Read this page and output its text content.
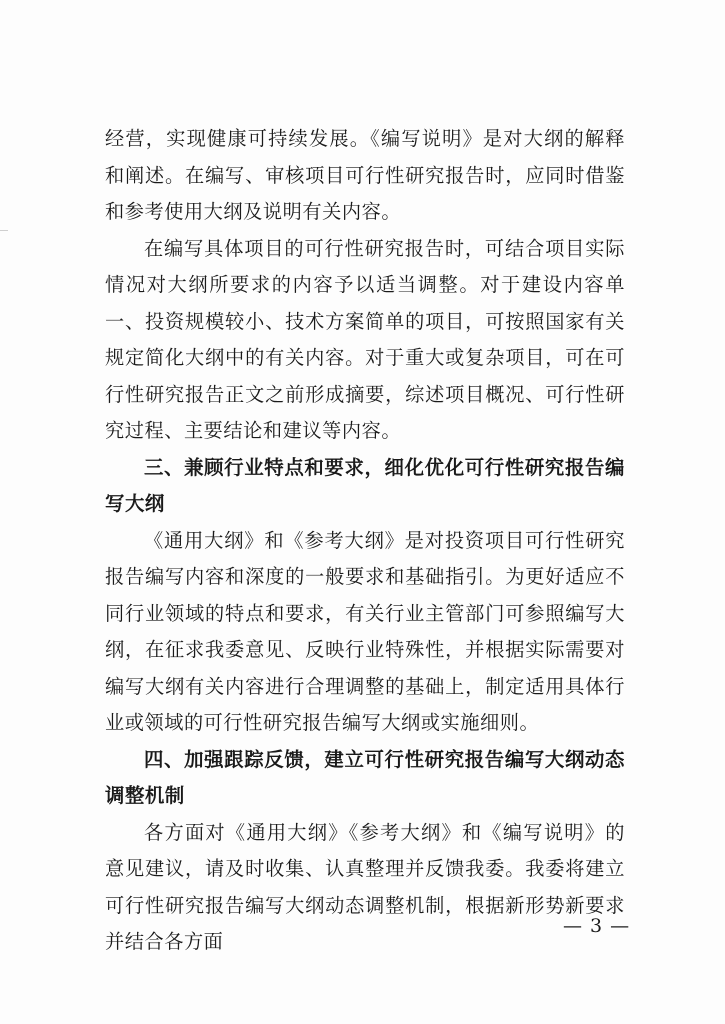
经营，实现健康可持续发展。《编写说明》是对大纲的解释和阐述。在编写、审核项目可行性研究报告时，应同时借鉴和参考使用大纲及说明有关内容。

在编写具体项目的可行性研究报告时，可结合项目实际情况对大纲所要求的内容予以适当调整。对于建设内容单一、投资规模较小、技术方案简单的项目，可按照国家有关规定简化大纲中的有关内容。对于重大或复杂项目，可在可行性研究报告正文之前形成摘要，综述项目概况、可行性研究过程、主要结论和建议等内容。

三、兼顾行业特点和要求，细化优化可行性研究报告编写大纲

《通用大纲》和《参考大纲》是对投资项目可行性研究报告编写内容和深度的一般要求和基础指引。为更好适应不同行业领域的特点和要求，有关行业主管部门可参照编写大纲，在征求我委意见、反映行业特殊性，并根据实际需要对编写大纲有关内容进行合理调整的基础上，制定适用具体行业或领域的可行性研究报告编写大纲或实施细则。

四、加强跟踪反馈，建立可行性研究报告编写大纲动态调整机制

各方面对《通用大纲》《参考大纲》和《编写说明》的意见建议，请及时收集、认真整理并反馈我委。我委将建立可行性研究报告编写大纲动态调整机制，根据新形势新要求并结合各方面

— 3 —
